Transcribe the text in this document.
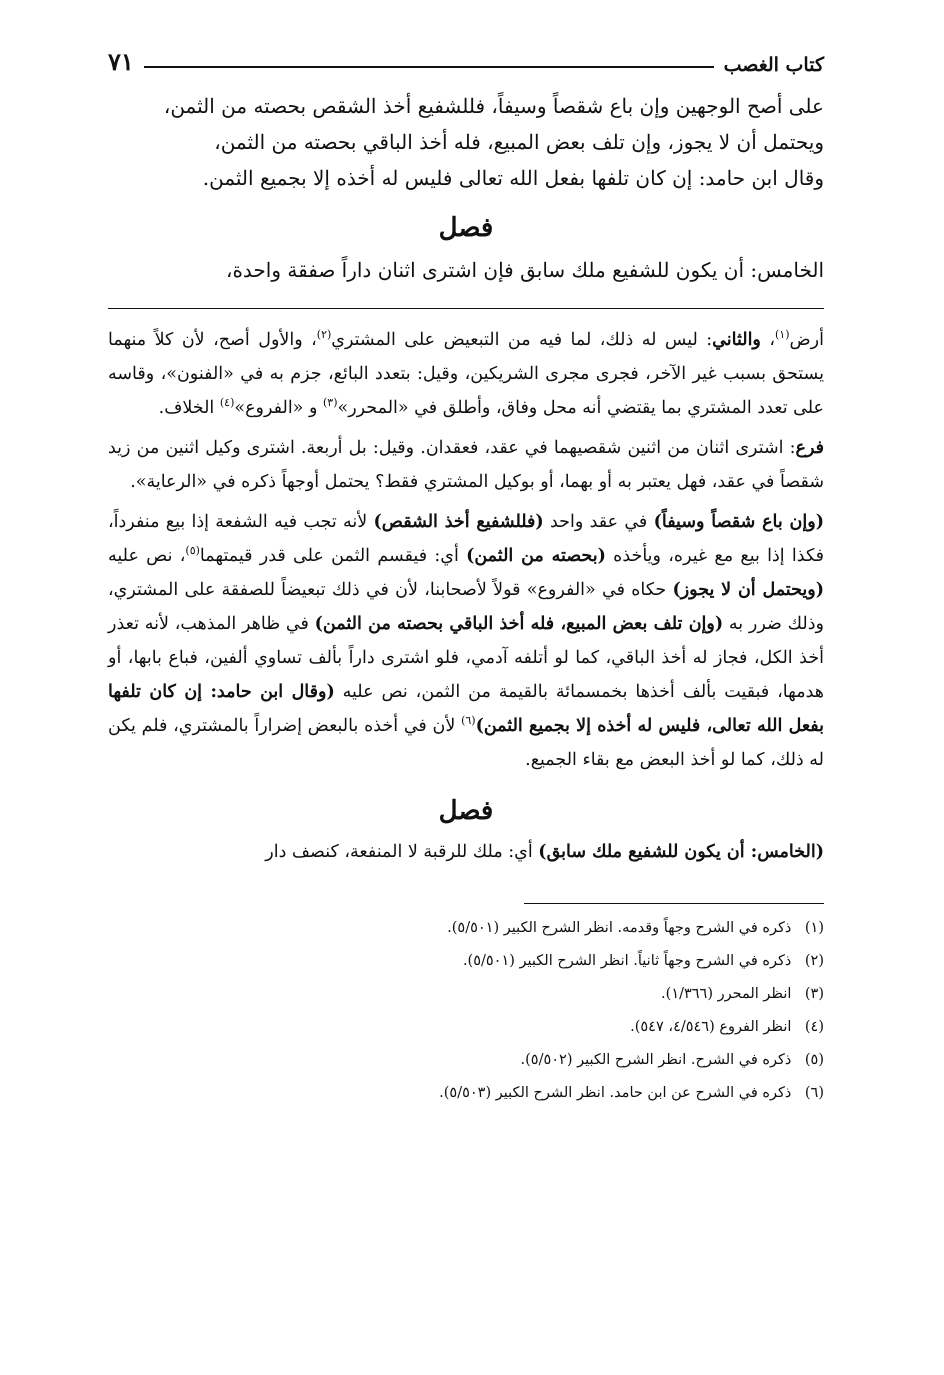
كتاب الغصب
٧١

على أصح الوجهين وإن باع شقصاً وسيفاً، فللشفيع أخذ الشقص بحصته من الثمن،

ويحتمل أن لا يجوز، وإن تلف بعض المبيع، فله أخذ الباقي بحصته من الثمن،

وقال ابن حامد: إن كان تلفها بفعل الله تعالى فليس له أخذه إلا بجميع الثمن.

فصل

الخامس: أن يكون للشفيع ملك سابق فإن اشترى اثنان داراً صفقة واحدة،

أرض$^{(١)}$، والثاني: ليس له ذلك، لما فيه من التبعيض على المشتري$^{(٢)}$، والأول أصح، لأن كلاً منهما يستحق بسبب غير الآخر، فجرى مجرى الشريكين، وقيل: بتعدد البائع، جزم به في «الفنون»، وقاسه على تعدد المشتري بما يقتضي أنه محل وفاق، وأطلق في «المحرر»$^{(٣)}$ و «الفروع»$^{(٤)}$ الخلاف.

فرع: اشترى اثنان من اثنين شقصيهما في عقد، فعقدان. وقيل: بل أربعة. اشترى وكيل اثنين من زيد شقصاً في عقد، فهل يعتبر به أو بهما، أو بوكيل المشتري فقط؟ يحتمل أوجهاً ذكره في «الرعاية».

(وإن باع شقصاً وسيفاً) في عقد واحد (فللشفيع أخذ الشقص) لأنه تجب فيه الشفعة إذا بيع منفرداً، فكذا إذا بيع مع غيره، ويأخذه (بحصته من الثمن) أي: فيقسم الثمن على قدر قيمتهما$^{(٥)}$، نص عليه (ويحتمل أن لا يجوز) حكاه في «الفروع» قولاً لأصحابنا، لأن في ذلك تبعيضاً للصفقة على المشتري، وذلك ضرر به (وإن تلف بعض المبيع، فله أخذ الباقي بحصته من الثمن) في ظاهر المذهب، لأنه تعذر أخذ الكل، فجاز له أخذ الباقي، كما لو أتلفه آدمي، فلو اشترى داراً بألف تساوي ألفين، فباع بابها، أو هدمها، فبقيت بألف أخذها بخمسمائة بالقيمة من الثمن، نص عليه (وقال ابن حامد: إن كان تلفها بفعل الله تعالى، فليس له أخذه إلا بجميع الثمن)$^{(٦)}$ لأن في أخذه بالبعض إضراراً بالمشتري، فلم يكن له ذلك، كما لو أخذ البعض مع بقاء الجميع.

فصل

(الخامس: أن يكون للشفيع ملك سابق) أي: ملك للرقبة لا المنفعة، كنصف دار

(١) ذكره في الشرح وجهاً وقدمه. انظر الشرح الكبير (٥/٥٠١).

(٢) ذكره في الشرح وجهاً ثانياً. انظر الشرح الكبير (٥/٥٠١).

(٣) انظر المحرر (١/٣٦٦).

(٤) انظر الفروع (٤/٥٤٦، ٥٤٧).

(٥) ذكره في الشرح. انظر الشرح الكبير (٥/٥٠٢).

(٦) ذكره في الشرح عن ابن حامد. انظر الشرح الكبير (٥/٥٠٣).
